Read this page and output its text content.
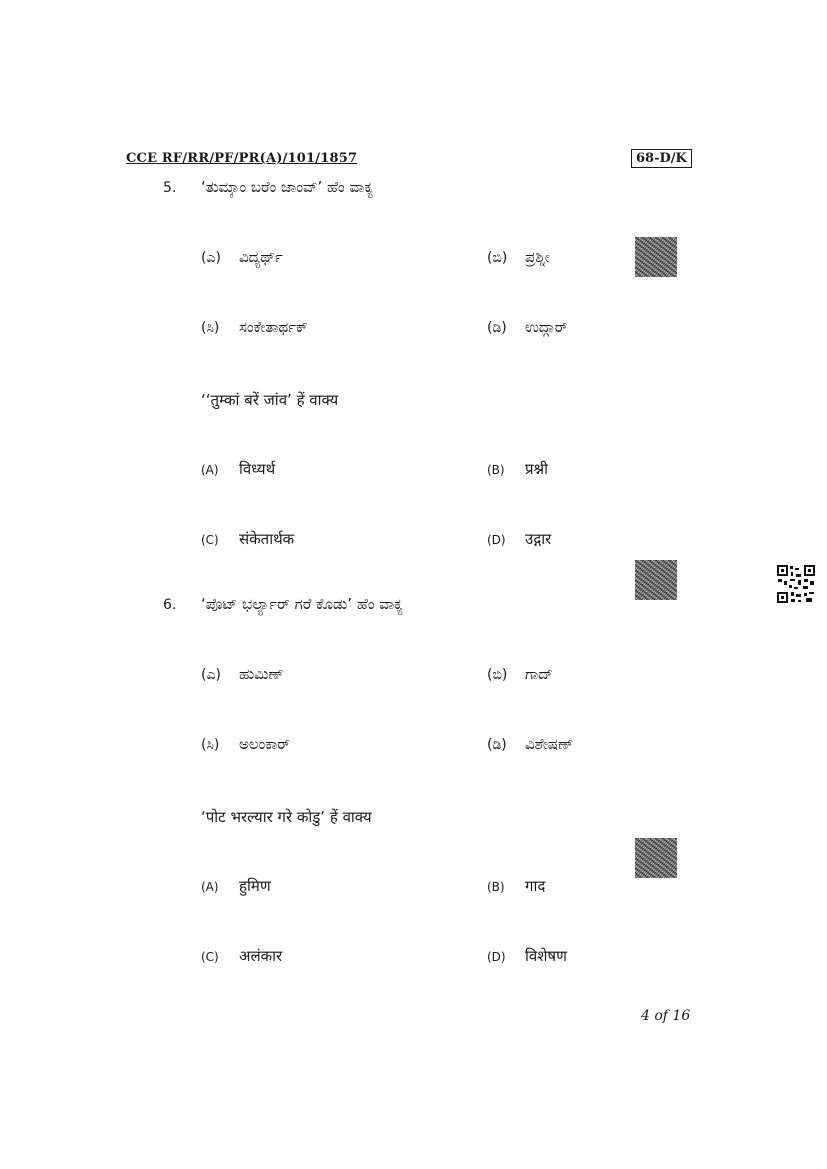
CCE RF/RR/PF/PR(A)/101/1857	68-D/K
5. ‘ತುಮ್ಕಾಂ ಬರೆಂ ಜಾಂವ್’ ಹೆಂ ವಾಕ್ಯ
(ಎ) ವಿದ್ಯರ್ಥ್	(ಬಿ) ಪ್ರಶ್ನೀ
(ಸಿ) ಸಂಕೇತಾರ್ಥಕ್	(ಡಿ) ಉದ್ಗಾರ್
‘‘तुम्कां बरें जांव’ हें वाक्य
(A) विध्यर्थ	(B) प्रश्नी
(C) संकेतार्थक	(D) उद्गार
6. ‘ಪೊಟ್ ಭರ್ಲ್ಯಾರ್ ಗರೆ ಕೊಡು’ ಹೆಂ ವಾಕ್ಯ
(ಎ) ಹುಮಿಣ್	(ಬಿ) ಗಾದ್
(ಸಿ) ಅಲಂಕಾರ್	(ಡಿ) ವಿಶೇಷಣ್
‘पोट भरल्यार गरे कोडु’ हें वाक्य
(A) हुमिण	(B) गाद
(C) अलंकार	(D) विशेषण
4 of 16
